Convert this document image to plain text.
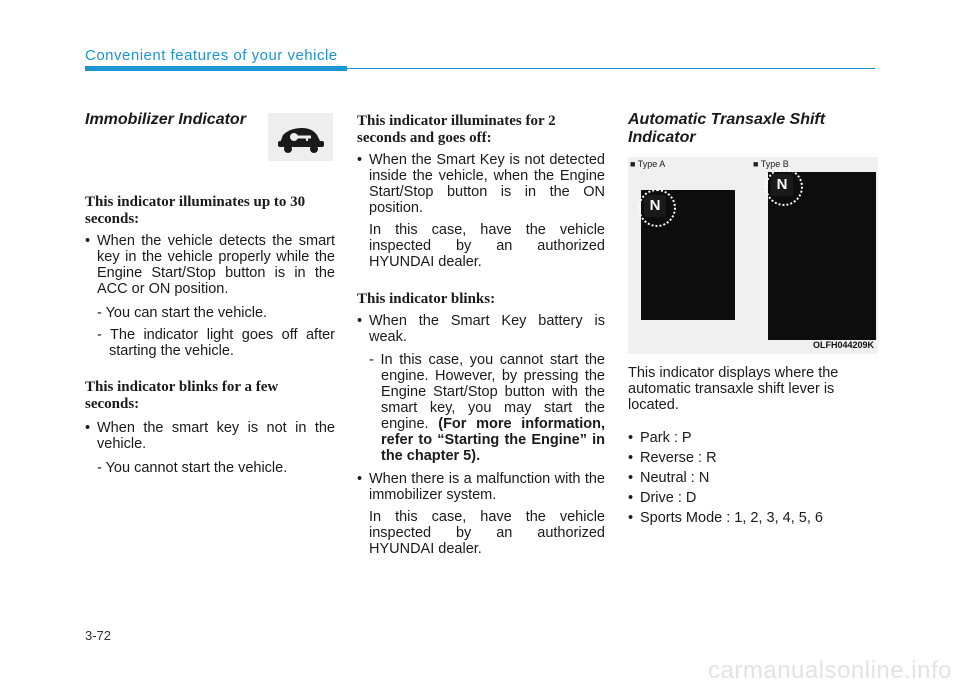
Convenient features of your vehicle
Immobilizer Indicator
This indicator illuminates up to 30 seconds:

• When the vehicle detects the smart key in the vehicle properly while the Engine Start/Stop button is in the ACC or ON position.

- You can start the vehicle.

- The indicator light goes off after starting the vehicle.

This indicator blinks for a few seconds:

• When the smart key is not in the vehicle.

- You cannot start the vehicle.

This indicator illuminates for 2 seconds and goes off:

• When the Smart Key is not detected inside the vehicle, when the Engine Start/Stop button is in the ON position.

In this case, have the vehicle inspected by an authorized HYUNDAI dealer.

This indicator blinks:

• When the Smart Key battery is weak.

- In this case, you cannot start the engine. However, by pressing the Engine Start/Stop button with the smart key, you may start the engine. (For more information, refer to “Starting the Engine” in the chapter 5).

• When there is a malfunction with the immobilizer system.

In this case, have the vehicle inspected by an authorized HYUNDAI dealer.

Automatic Transaxle Shift Indicator
■ Type A	■ Type B
N
N
OLFH044209K

This indicator displays where the automatic transaxle shift lever is located.

• Park : P

• Reverse : R

• Neutral : N

• Drive : D

• Sports Mode : 1, 2, 3, 4, 5, 6

3-72
carmanualsonline.info
